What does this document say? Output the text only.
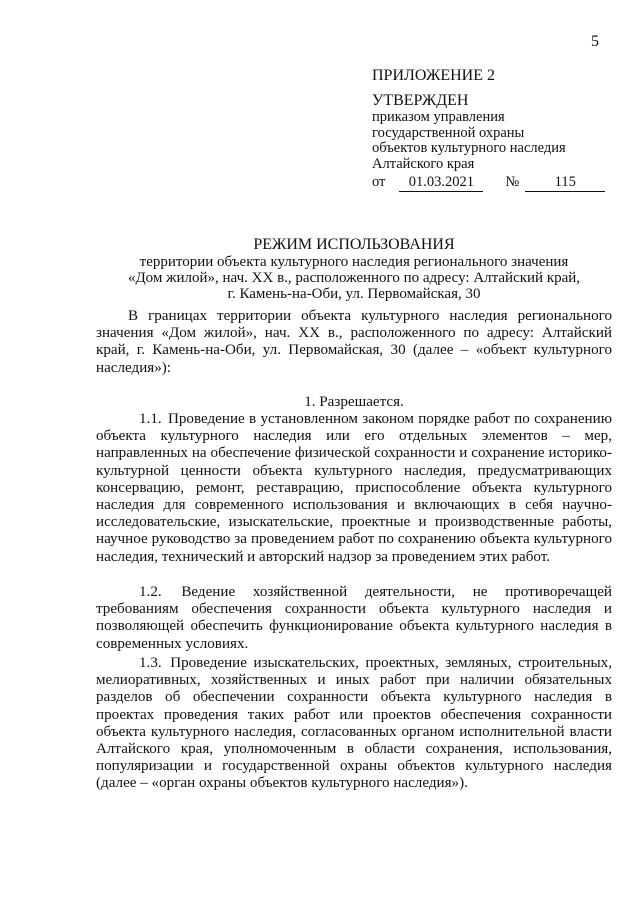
5
ПРИЛОЖЕНИЕ 2
УТВЕРЖДЕН
приказом управления
государственной охраны
объектов культурного наследия
Алтайского края
от	01.03.2021	№	115
РЕЖИМ ИСПОЛЬЗОВАНИЯ
территории объекта культурного наследия регионального значения
«Дом жилой», нач. XX в., расположенного по адресу: Алтайский край,
г. Камень-на-Оби, ул. Первомайская, 30
В границах территории объекта культурного наследия регионального значения «Дом жилой», нач. XX в., расположенного по адресу: Алтайский край, г. Камень-на-Оби, ул. Первомайская, 30 (далее – «объект культурного наследия»):
1. Разрешается.
1.1. Проведение в установленном законом порядке работ по сохранению объекта культурного наследия или его отдельных элементов – мер, направленных на обеспечение физической сохранности и сохранение историко-культурной ценности объекта культурного наследия, предусматривающих консервацию, ремонт, реставрацию, приспособление объекта культурного наследия для современного использования и включающих в себя научно-исследовательские, изыскательские, проектные и производственные работы, научное руководство за проведением работ по сохранению объекта культурного наследия, технический и авторский надзор за проведением этих работ.
1.2. Ведение хозяйственной деятельности, не противоречащей требованиям обеспечения сохранности объекта культурного наследия и позволяющей обеспечить функционирование объекта культурного наследия в современных условиях.
1.3. Проведение изыскательских, проектных, земляных, строительных, мелиоративных, хозяйственных и иных работ при наличии обязательных разделов об обеспечении сохранности объекта культурного наследия в проектах проведения таких работ или проектов обеспечения сохранности объекта культурного наследия, согласованных органом исполнительной власти Алтайского края, уполномоченным в области сохранения, использования, популяризации и государственной охраны объектов культурного наследия (далее – «орган охраны объектов культурного наследия»).
